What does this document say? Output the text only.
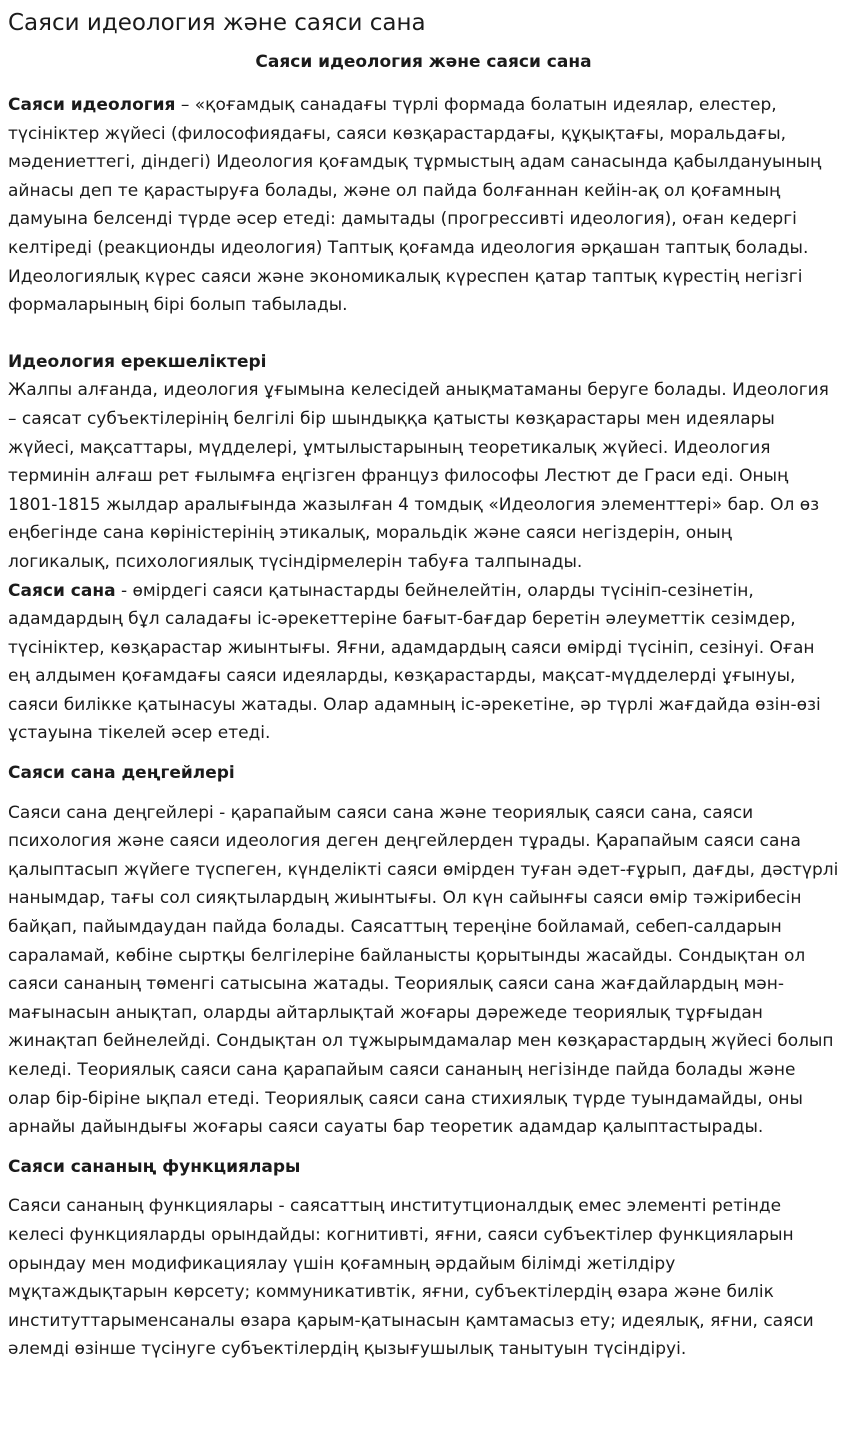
Саяси идеология және саяси сана
Саяси идеология және саяси сана

Саяси идеология – «қоғамдық санадағы түрлі формада болатын идеялар, елестер, түсініктер жүйесі (философиядағы, саяси көзқарастардағы, құқықтағы, моральдағы, мәдениеттегі, діндегі) Идеология қоғамдық тұрмыстың адам санасында қабылдануының айнасы деп те қарастыруға болады, және ол пайда болғаннан кейін-ақ ол қоғамның дамуына белсенді түрде әсер етеді: дамытады (прогрессивті идеология), оған кедергі келтіреді (реакционды идеология) Таптық қоғамда идеология әрқашан таптық болады. Идеологиялық күрес саяси және экономикалық күреспен қатар таптық күрестің негізгі формаларының бірі болып табылады.

Идеология ерекшеліктері

Жалпы алғанда, идеология ұғымына келесідей анықматаманы беруге болады. Идеология – саясат субъектілерінің белгілі бір шындыққа қатысты көзқарастары мен идеялары жүйесі, мақсаттары, мүдделері, ұмтылыстарының теоретикалық жүйесі. Идеология терминін алғаш рет ғылымға еңгізген француз философы Лестют де Граси еді. Оның 1801-1815 жылдар аралығында жазылған 4 томдық «Идеология элементтері» бар. Ол өз еңбегінде сана көріністерінің этикалық, моральдік және саяси негіздерін, оның логикалық, психологиялық түсіндірмелерін табуға талпынады.

Саяси сана - өмірдегі саяси қатынастарды бейнелейтін, оларды түсініп-сезінетін, адамдардың бұл саладағы іс-әрекеттеріне бағыт-бағдар беретін әлеуметтік сезімдер, түсініктер, көзқарастар жиынтығы. Яғни, адамдардың саяси өмірді түсініп, сезінуі. Оған ең алдымен қоғамдағы саяси идеяларды, көзқарастарды, мақсат-мүдделерді ұғынуы, саяси билікке қатынасуы жатады. Олар адамның іс-әрекетіне, әр түрлі жағдайда өзін-өзі ұстауына тікелей әсер етеді.

Саяси сана деңгейлері

Саяси сана деңгейлері - қарапайым саяси сана және теориялық саяси сана, саяси психология және саяси идеология деген деңгейлерден тұрады. Қарапайым саяси сана қалыптасып жүйеге түспеген, күнделікті саяси өмірден туған әдет-ғұрып, дағды, дәстүрлі нанымдар, тағы сол сияқтылардың жиынтығы. Ол күн сайынғы саяси өмір тәжірибесін байқап, пайымдаудан пайда болады. Саясаттың тереңіне бойламай, себеп-салдарын сараламай, көбіне сыртқы белгілеріне байланысты қорытынды жасайды. Сондықтан ол саяси сананың төменгі сатысына жатады. Теориялық саяси сана жағдайлардың мән-мағынасын анықтап, оларды айтарлықтай жоғары дәрежеде теориялық тұрғыдан жинақтап бейнелейді. Сондықтан ол тұжырымдамалар мен көзқарастардың жүйесі болып келеді. Теориялық саяси сана қарапайым саяси сананың негізінде пайда болады және олар бір-біріне ықпал етеді. Теориялық саяси сана стихиялық түрде туындамайды, оны арнайы дайындығы жоғары саяси сауаты бар теоретик адамдар қалыптастырады.

Саяси сананың функциялары

Саяси сананың функциялары - саясаттың институтционалдық емес элементі ретінде келесі функцияларды орындайды: когнитивті, яғни, саяси субъектілер функцияларын орындау мен модификациялау үшін қоғамның әрдайым білімді жетілдіру мұқтаждықтарын көрсету; коммуникативтік, яғни, субъектілердің өзара және билік институттарыменсаналы өзара қарым-қатынасын қамтамасыз ету; идеялық, яғни, саяси әлемді өзінше түсінуге субъектілердің қызығушылық танытуын түсіндіруі.
